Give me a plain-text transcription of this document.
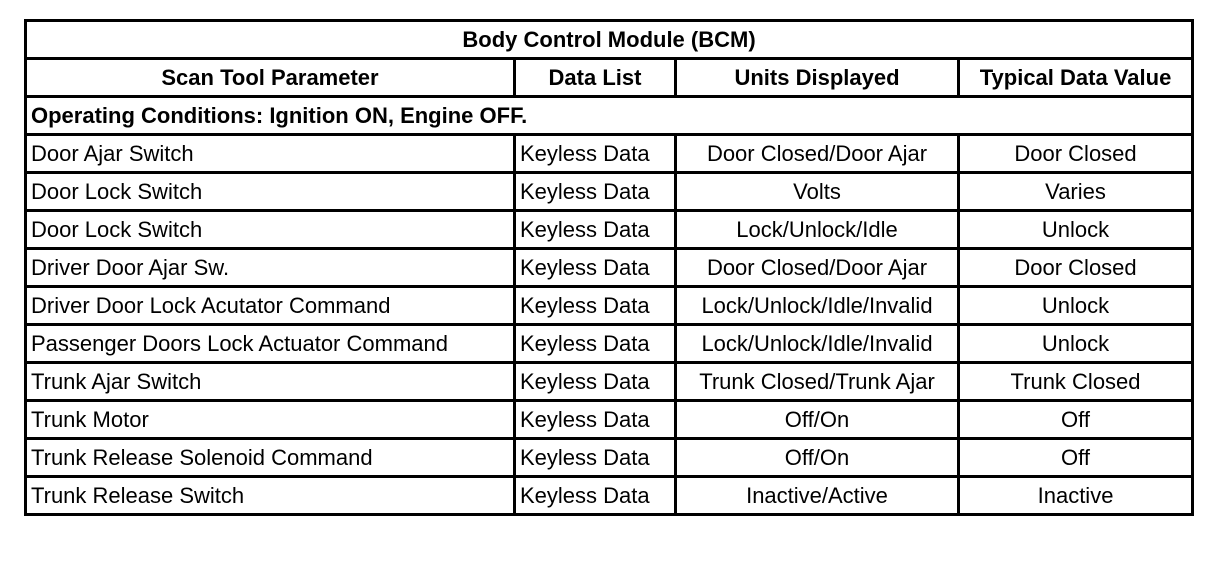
Body Control Module (BCM)			
Scan Tool Parameter	Data List	Units Displayed	Typical Data Value
Operating Conditions: Ignition ON, Engine OFF.			
Door Ajar Switch	Keyless Data	Door Closed/Door Ajar	Door Closed
Door Lock Switch	Keyless Data	Volts	Varies
Door Lock Switch	Keyless Data	Lock/Unlock/Idle	Unlock
Driver Door Ajar Sw.	Keyless Data	Door Closed/Door Ajar	Door Closed
Driver Door Lock Acutator Command	Keyless Data	Lock/Unlock/Idle/Invalid	Unlock
Passenger Doors Lock Actuator Command	Keyless Data	Lock/Unlock/Idle/Invalid	Unlock
Trunk Ajar Switch	Keyless Data	Trunk Closed/Trunk Ajar	Trunk Closed
Trunk Motor	Keyless Data	Off/On	Off
Trunk Release Solenoid Command	Keyless Data	Off/On	Off
Trunk Release Switch	Keyless Data	Inactive/Active	Inactive
